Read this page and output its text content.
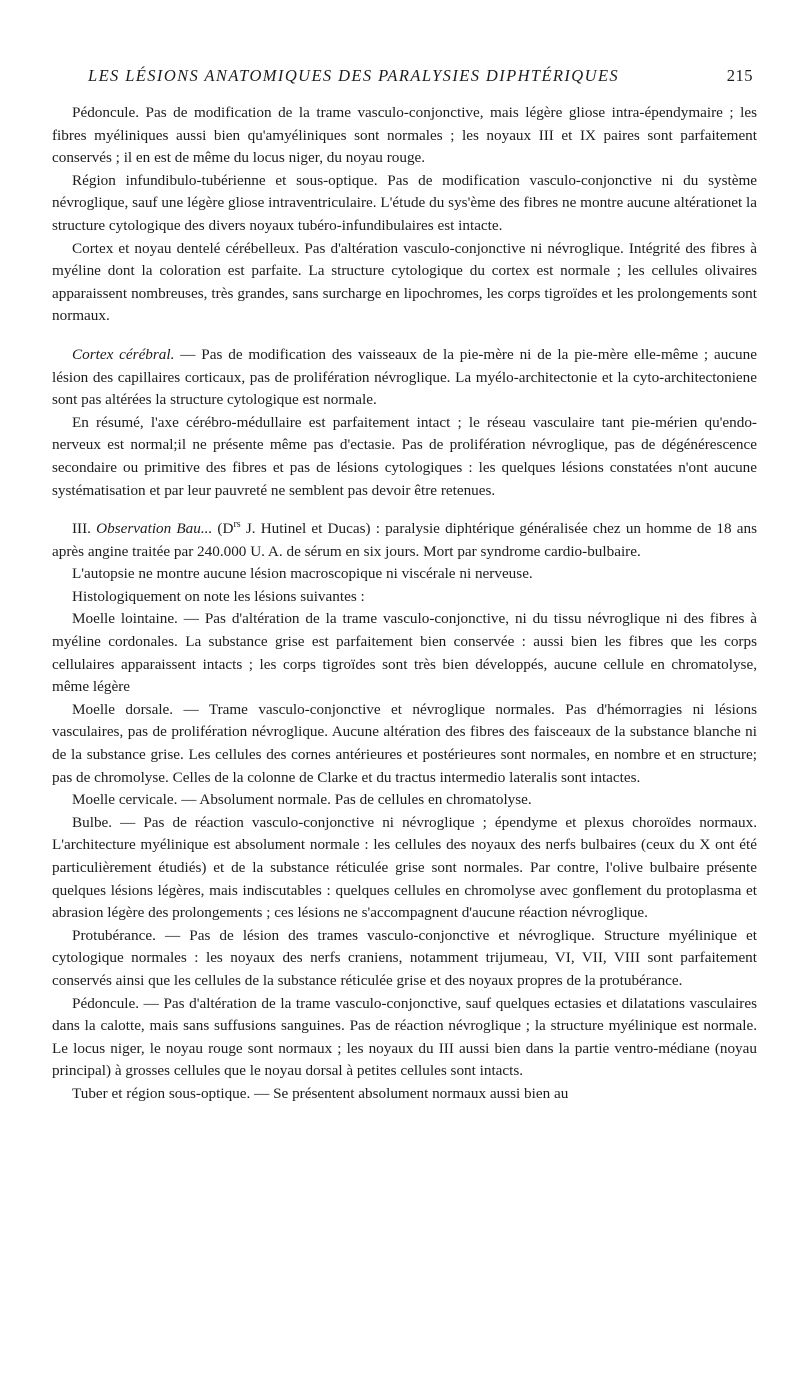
LES LÉSIONS ANATOMIQUES DES PARALYSIES DIPHTÉRIQUES	215

Pédoncule. Pas de modification de la trame vasculo-conjonctive, mais légère gliose intra-épendymaire ; les fibres myéliniques aussi bien qu'amyéliniques sont normales ; les noyaux III et IX paires sont parfaitement conservés ; il en est de même du locus niger, du noyau rouge.

Région infundibulo-tubérienne et sous-optique. Pas de modification vasculo-conjonctive ni du système névroglique, sauf une légère gliose intraventriculaire. L'étude du sys'ème des fibres ne montre aucune altérationet la structure cytologique des divers noyaux tubéro-infundibulaires est intacte.

Cortex et noyau dentelé cérébelleux. Pas d'altération vasculo-conjonctive ni névroglique. Intégrité des fibres à myéline dont la coloration est parfaite. La structure cytologique du cortex est normale ; les cellules olivaires apparaissent nombreuses, très grandes, sans surcharge en lipochromes, les corps tigroïdes et les prolongements sont normaux.

Cortex cérébral. — Pas de modification des vaisseaux de la pie-mère ni de la pie-mère elle-même ; aucune lésion des capillaires corticaux, pas de prolifération névroglique. La myélo-architectonie et la cyto-architectoniene sont pas altérées la structure cytologique est normale.

En résumé, l'axe cérébro-médullaire est parfaitement intact ; le réseau vasculaire tant pie-mérien qu'endo-nerveux est normal;il ne présente même pas d'ectasie. Pas de prolifération névroglique, pas de dégénérescence secondaire ou primitive des fibres et pas de lésions cytologiques : les quelques lésions constatées n'ont aucune systématisation et par leur pauvreté ne semblent pas devoir être retenues.

III. Observation Bau... ($D^{rs}$ J. Hutinel et Ducas) : paralysie diphtérique généralisée chez un homme de 18 ans après angine traitée par 240.000 U. A. de sérum en six jours. Mort par syndrome cardio-bulbaire.

L'autopsie ne montre aucune lésion macroscopique ni viscérale ni nerveuse.

Histologiquement on note les lésions suivantes :

Moelle lointaine. — Pas d'altération de la trame vasculo-conjonctive, ni du tissu névroglique ni des fibres à myéline cordonales. La substance grise est parfaitement bien conservée : aussi bien les fibres que les corps cellulaires apparaissent intacts ; les corps tigroïdes sont très bien développés, aucune cellule en chromatolyse, même légère

Moelle dorsale. — Trame vasculo-conjonctive et névroglique normales. Pas d'hémorragies ni lésions vasculaires, pas de prolifération névroglique. Aucune altération des fibres des faisceaux de la substance blanche ni de la substance grise. Les cellules des cornes antérieures et postérieures sont normales, en nombre et en structure; pas de chromolyse. Celles de la colonne de Clarke et du tractus intermedio lateralis sont intactes.

Moelle cervicale. — Absolument normale. Pas de cellules en chromatolyse.

Bulbe. — Pas de réaction vasculo-conjonctive ni névroglique ; épendyme et plexus choroïdes normaux. L'architecture myélinique est absolument normale : les cellules des noyaux des nerfs bulbaires (ceux du X ont été particulièrement étudiés) et de la substance réticulée grise sont normales. Par contre, l'olive bulbaire présente quelques lésions légères, mais indiscutables : quelques cellules en chromolyse avec gonflement du protoplasma et abrasion légère des prolongements ; ces lésions ne s'accompagnent d'aucune réaction névroglique.

Protubérance. — Pas de lésion des trames vasculo-conjonctive et névroglique. Structure myélinique et cytologique normales : les noyaux des nerfs craniens, notamment trijumeau, VI, VII, VIII sont parfaitement conservés ainsi que les cellules de la substance réticulée grise et des noyaux propres de la protubérance.

Pédoncule. — Pas d'altération de la trame vasculo-conjonctive, sauf quelques ectasies et dilatations vasculaires dans la calotte, mais sans suffusions sanguines. Pas de réaction névroglique ; la structure myélinique est normale. Le locus niger, le noyau rouge sont normaux ; les noyaux du III aussi bien dans la partie ventro-médiane (noyau principal) à grosses cellules que le noyau dorsal à petites cellules sont intacts.

Tuber et région sous-optique. — Se présentent absolument normaux aussi bien au
